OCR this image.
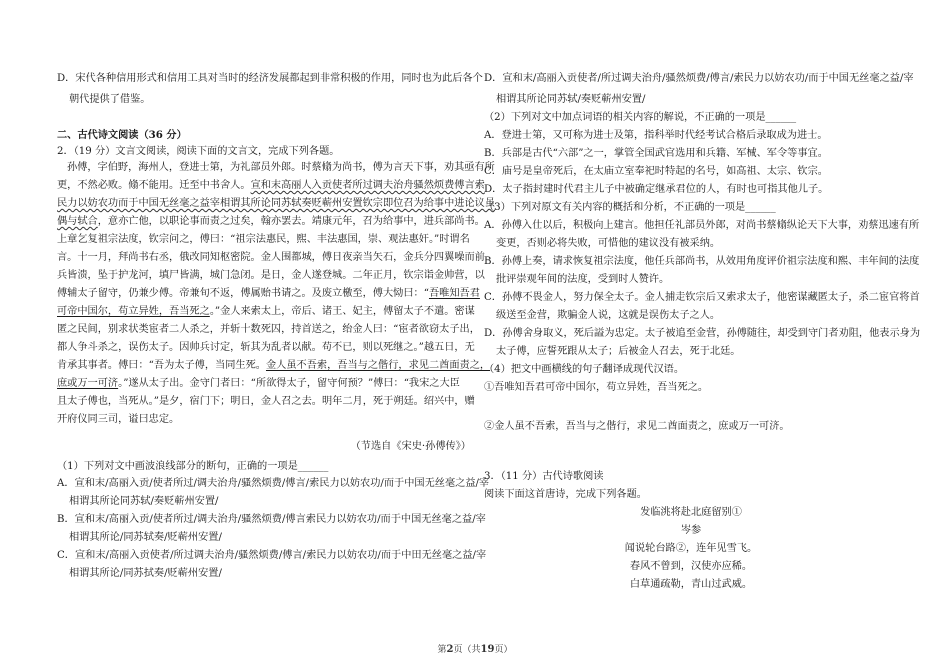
D．宋代各种信用形式和信用工具对当时的经济发展都起到非常积极的作用，同时也为此后各个
朝代提供了借鉴。
二、古代诗文阅读（36 分）
2．（19 分）文言文阅读，阅读下面的文言文，完成下列各题。
孙傅，字伯野，海州人，登进士第，为礼部员外郎。时蔡翛为尚书，傅为言天下事，劝其亟有所
更，不然必败。翛不能用。迁至中书舍人。宣和末高丽人入贡使者所过调夫治舟骚然烦费傅言索
民力以妨农功而于中国无丝毫之益宰相谓其所论同苏轼奏贬蕲州安置钦宗即位召为给事中进论议虽
偶与轼合，意亦亡他，以职论事而责之过矣，翰亦罢去。靖康元年，召为给事中，进兵部尚书。
上章乞复祖宗法度，钦宗问之，傅曰：“祖宗法惠民，熙、丰法惠国，崇、观法惠奸。”时谓名
言。十一月，拜尚书右丞，俄改同知枢密院。金人围都城，傅日夜亲当矢石，金兵分四翼噪而前
兵皆溃，坠于护龙河，填尸皆满，城门急闭。是日，金人遂登城。二年正月，钦宗诣金帅营，以
傅辅太子留守，仍兼少傅。帝兼旬不返，傅属贻书请之。及废立檄至，傅大恸曰：“吾唯知吾君
可帝中国尔，苟立异姓，吾当死之。”金人来索太上，帝后、诸王、妃主，傅留太子不遣。密谋
匿之民间，别求状类宦者二人杀之，并斩十数死囚，持首送之，绐金人曰：“宦者欲窃太子出，
都人争斗杀之，误伤太子。因帅兵讨定，斩其为乱者以献。苟不已，则以死继之。”越五日，无
肯承其事者。傅曰：“吾为太子傅，当同生死。金人虽不吾索，吾当与之偕行，求见二酋面责之，
庶或万一可济。”遂从太子出。金守门者曰：“所欲得太子，留守何预？”傅曰：“我宋之大臣
且太子傅也，当死从。”是夕，宿门下；明日，金人召之去。明年二月，死于朔廷。绍兴中，赠
开府仪同三司，谥曰忠定。
（节选自《宋史·孙傅传》）
（1）下列对文中画波浪线部分的断句，正确的一项是______
A．宣和末/高丽入贡/使者所过/调夫治舟/骚然烦费/傅言/索民力以妨农功/而于中国无丝毫之益/宰
相谓其所论同苏轼/奏贬蕲州安置/
B．宣和末/高丽入贡/使者所过/调夫治舟/骚然烦费/傅言索民力以妨农功/而于中国无丝毫之益/宰
相谓其所论/同苏轼奏/贬蕲州安置/
C．宣和末/高丽入贡使者/所过调夫治舟/骚然烦费/傅言/索民力以妨农功/而于中田无丝毫之益/宰
相谓其所论/同苏拭奏/贬蕲州安置/
D．宣和末/高丽入贡使者/所过调夫治舟/骚然烦费/傅言/索民力以妨农功/而于中国无丝毫之益/宰
相谓其所论同苏轼/奏贬蕲州安置/
（2）下列对文中加点词语的相关内容的解说，不正确的一项是______
A．登进士第，又可称为进士及第，指科举时代经考试合格后录取成为进士。
B．兵部是古代“六部”之一，掌管全国武官选用和兵籍、军械、军令等事宜。
C．庙号是皇帝死后，在太庙立室奉祀时特起的名号，如高祖、太宗、钦宗。
D．太子指封建时代君主儿子中被确定继承君位的人，有时也可指其他儿子。
（3）下列对原文有关内容的概括和分析，不正确的一项是______
A．孙傅入仕以后，积极向上建言。他担任礼部员外郎，对尚书蔡翛纵论天下大事，劝蔡迅速有所
变更，否则必将失败，可惜他的建议没有被采纳。
B．孙傅上奏，请求恢复祖宗法度，他任兵部尚书，从效用角度评价祖宗法度和熙、丰年间的法度
批评崇观年间的法度，受到时人赞许。
C．孙傅不畏金人，努力保全太子。金人捕走钦宗后又索求太子，他密谋藏匿太子，杀二宦官将首
级送至金营，欺骗金人说，这就是误伤太子之人。
D．孙傅舍身取义，死后謚为忠定。太子被追至金营，孙傅随往，却受到守门者劝阻，他表示身为
太子傅，应誓死跟从太子；后被金人召去，死于北廷。
（4）把文中画横线的句子翻译成现代汉语。
①吾唯知吾君可帝中国尔，苟立异姓，吾当死之。
②金人虽不吾索，吾当与之偕行，求见二酋面责之，庶或万一可济。
3．（11 分）古代诗歌阅读
阅读下面这首唐诗，完成下列各题。
发临洮将赴北庭留别①
岑参
闻说轮台路②，连年见雪飞。
春风不曾到，汉使亦应稀。
白草通疏勒，青山过武威。
第2页（共19页）
